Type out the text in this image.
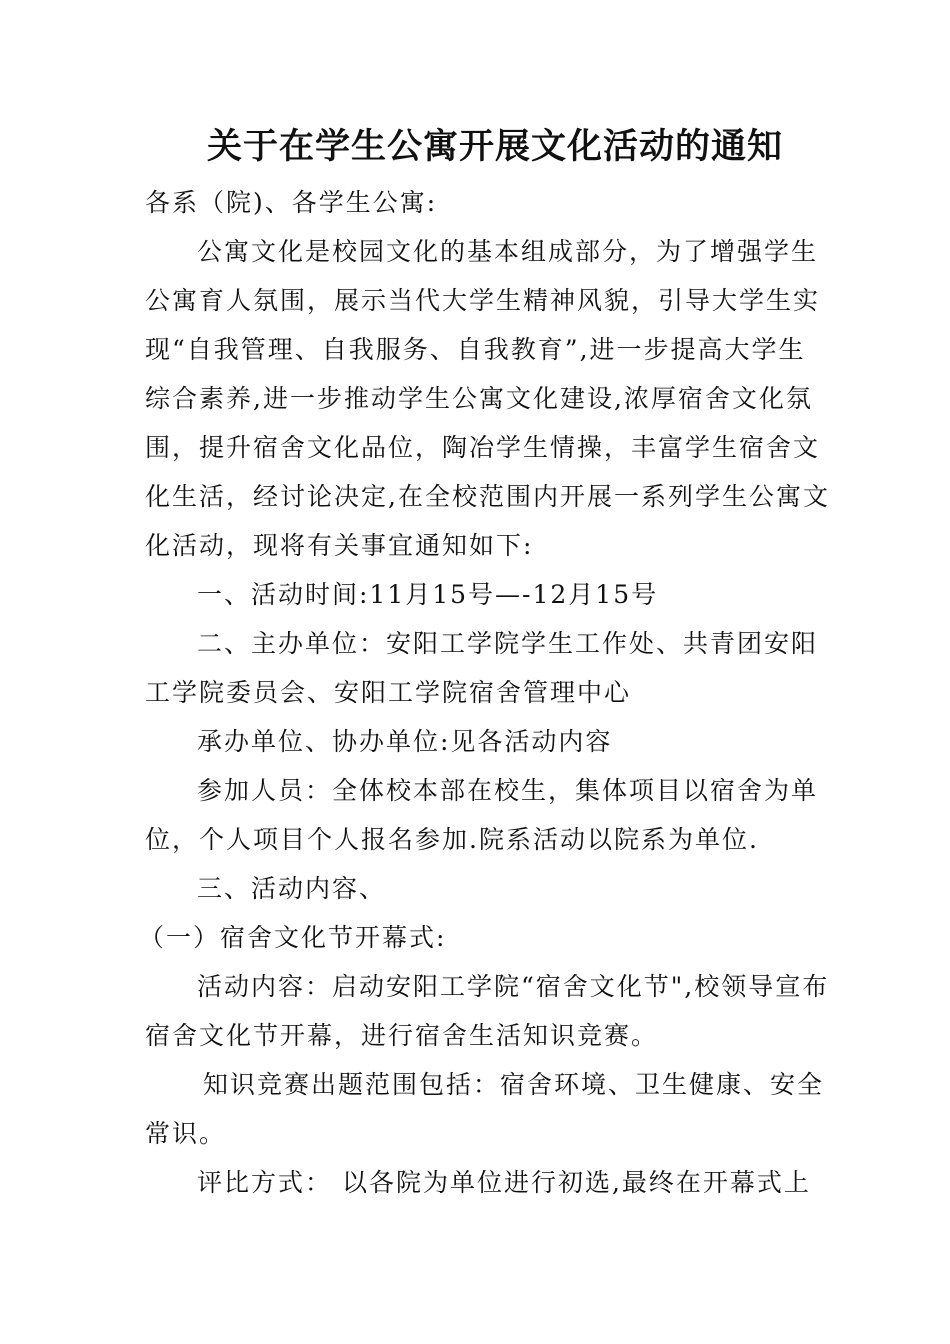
关于在学生公寓开展文化活动的通知

各系（院)、各学生公寓:

公寓文化是校园文化的基本组成部分，为了增强学生

公寓育人氛围，展示当代大学生精神风貌，引导大学生实

现“自我管理、自我服务、自我教育”,进一步提高大学生

综合素养,进一步推动学生公寓文化建设,浓厚宿舍文化氛

围，提升宿舍文化品位，陶冶学生情操，丰富学生宿舍文

化生活，经讨论决定,在全校范围内开展一系列学生公寓文

化活动，现将有关事宜通知如下:

一、活动时间:11月15号—-12月15号

二、主办单位：安阳工学院学生工作处、共青团安阳

工学院委员会、安阳工学院宿舍管理中心

承办单位、协办单位:见各活动内容

参加人员：全体校本部在校生，集体项目以宿舍为单

位，个人项目个人报名参加.院系活动以院系为单位.

三、活动内容、

（一）宿舍文化节开幕式:

活动内容：启动安阳工学院“宿舍文化节",校领导宣布

宿舍文化节开幕，进行宿舍生活知识竞赛。

知识竞赛出题范围包括：宿舍环境、卫生健康、安全

常识。

评比方式： 以各院为单位进行初选,最终在开幕式上
